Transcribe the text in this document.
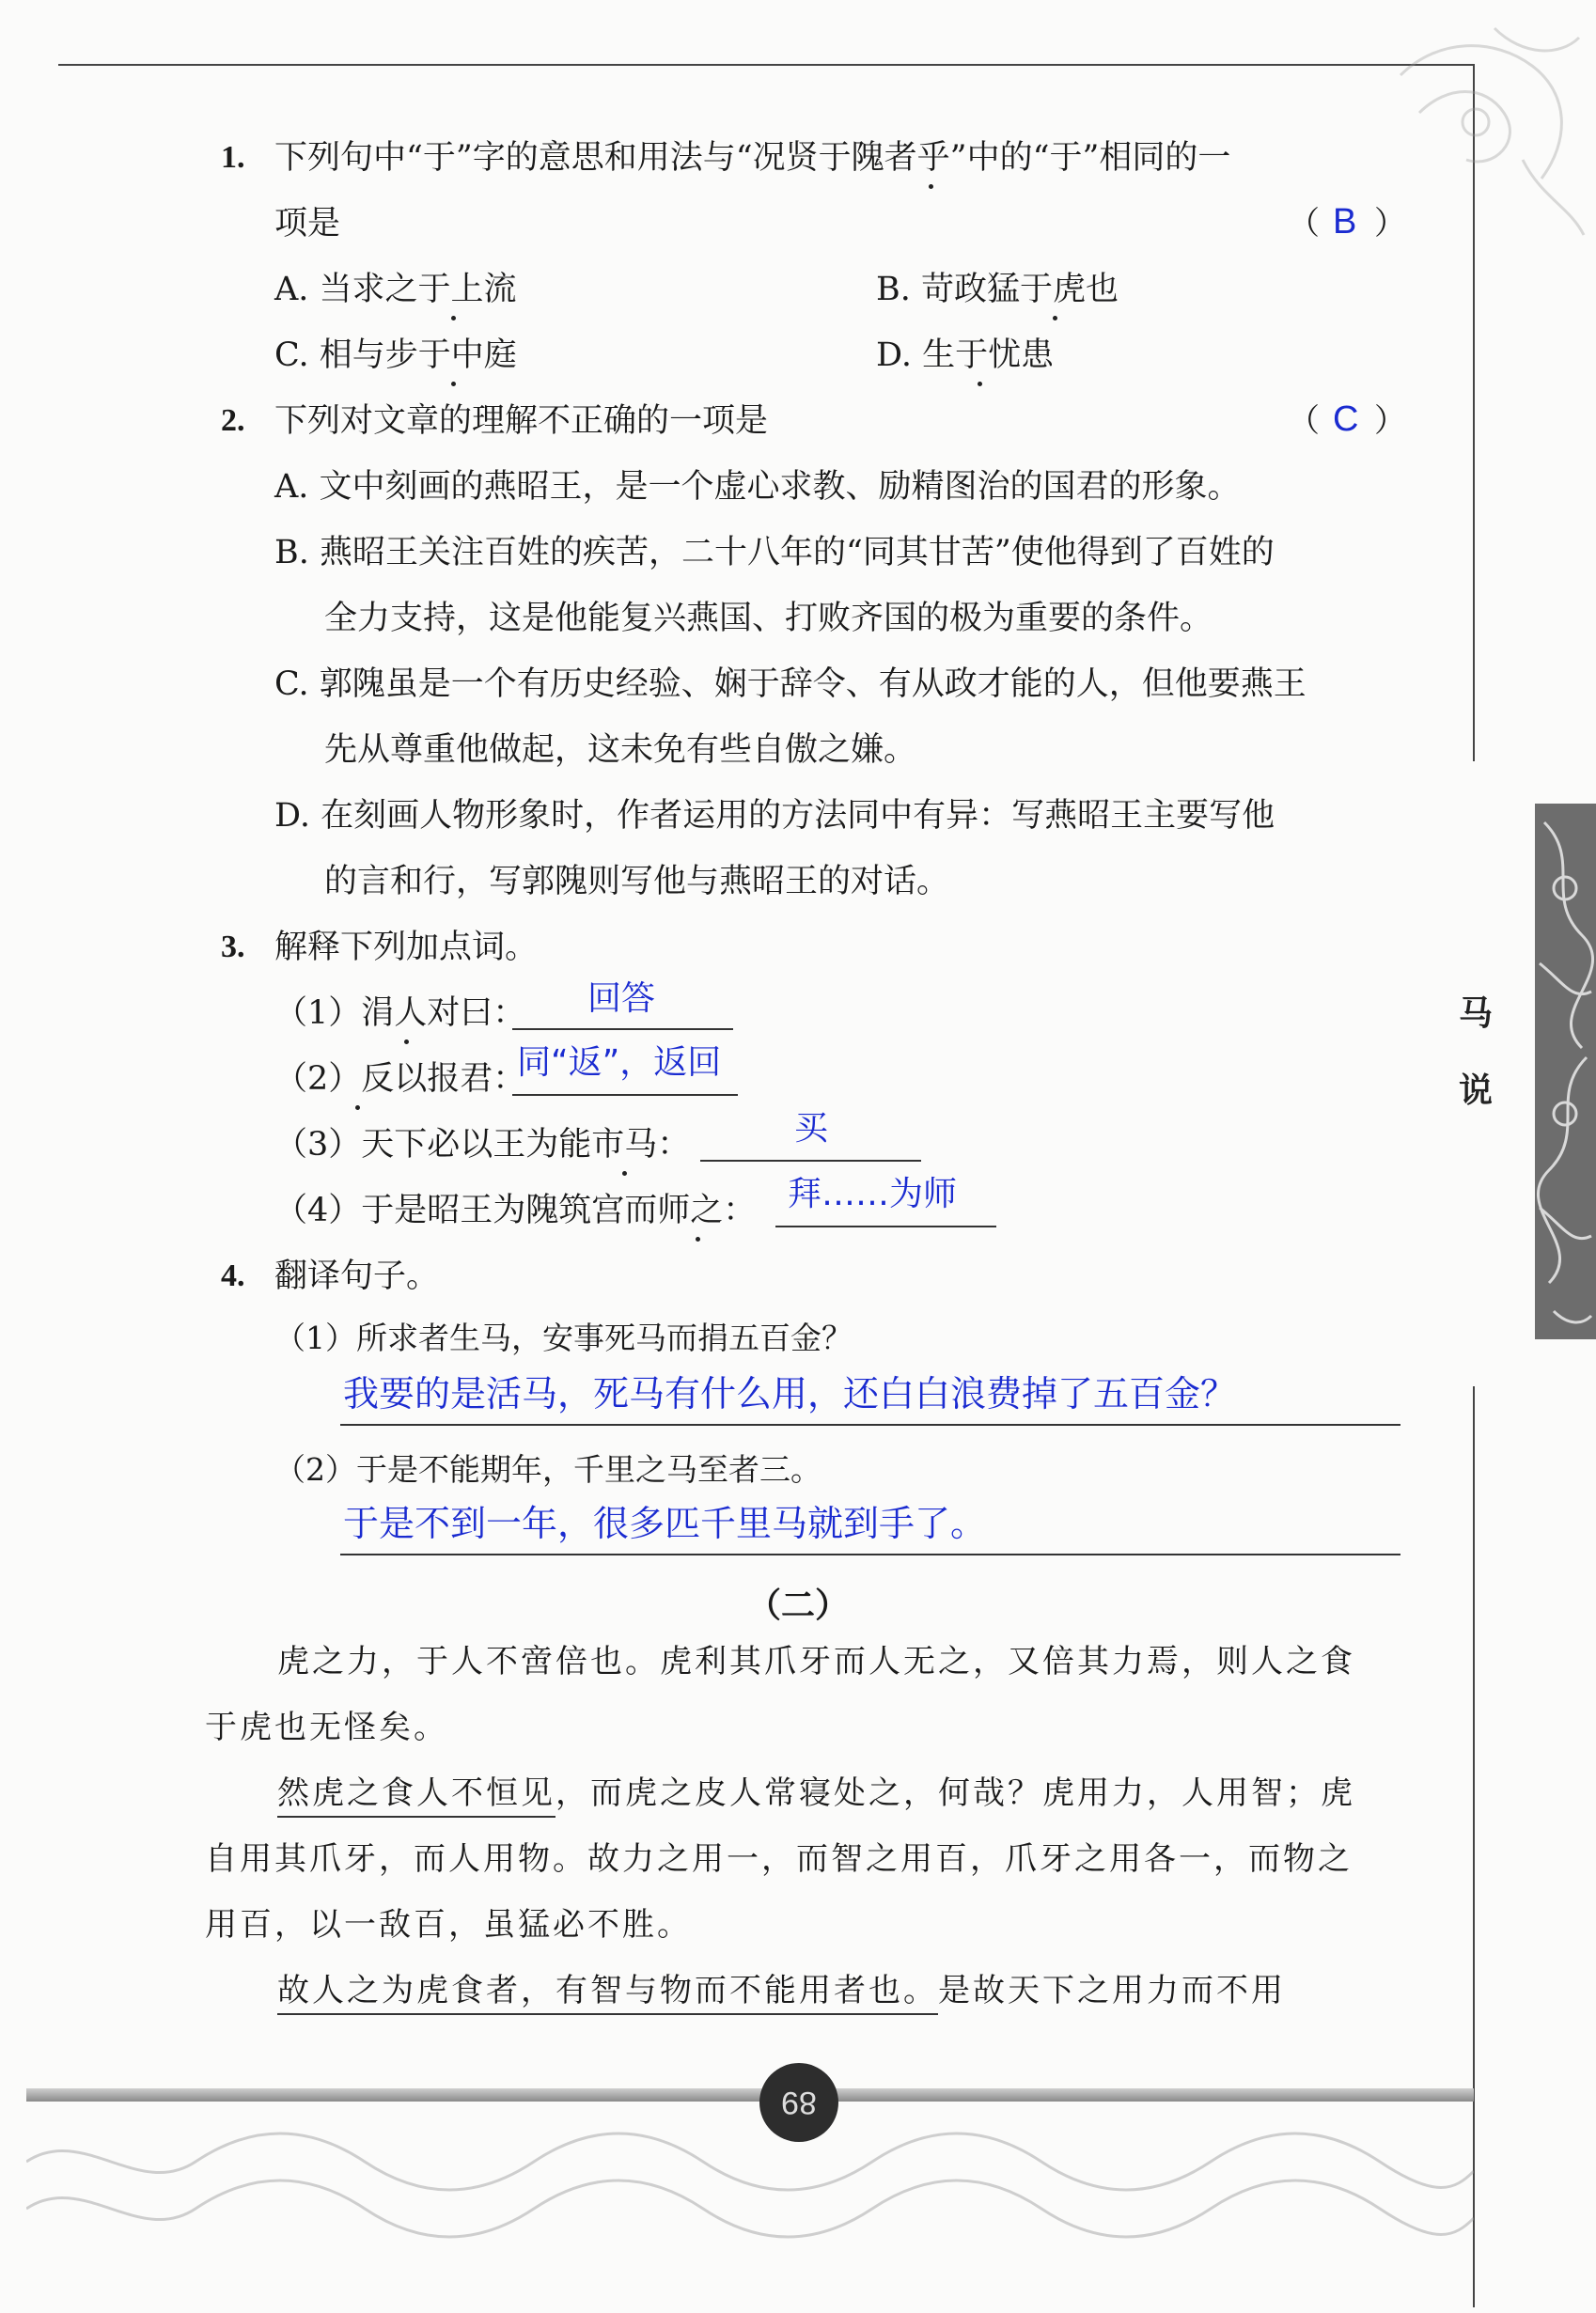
马
说
1. 下列句中“于”字的意思和用法与“况贤于隗者乎”中的“于”相同的一
项是	（ B ）
A. 当求之于上流	B. 苛政猛于虎也
C. 相与步于中庭	D. 生于忧患
2. 下列对文章的理解不正确的一项是	（ C ）
A. 文中刻画的燕昭王，是一个虚心求教、励精图治的国君的形象。
B. 燕昭王关注百姓的疾苦，二十八年的“同其甘苦”使他得到了百姓的
全力支持，这是他能复兴燕国、打败齐国的极为重要的条件。
C. 郭隗虽是一个有历史经验、娴于辞令、有从政才能的人，但他要燕王
先从尊重他做起，这未免有些自傲之嫌。
D. 在刻画人物形象时，作者运用的方法同中有异：写燕昭王主要写他
的言和行，写郭隗则写他与燕昭王的对话。
3. 解释下列加点词。
（1）涓人对曰： 回答
（2）反以报君：
同“返”，返回
（3）天下必以王为能市马：	买
（4）于是昭王为隗筑宫而师之： 拜……为师
4. 翻译句子。
（1）所求者生马，安事死马而捐五百金？
我要的是活马，死马有什么用，还白白浪费掉了五百金？
（2）于是不能期年，千里之马至者三。
于是不到一年，很多匹千里马就到手了。
（二）
虎之力，于人不啻倍也。虎利其爪牙而人无之，又倍其力焉，则人之食
于虎也无怪矣。
然虎之食人不恒见，而虎之皮人常寝处之，何哉？虎用力，人用智；虎
自用其爪牙，而人用物。故力之用一，而智之用百，爪牙之用各一，而物之
用百，以一敌百，虽猛必不胜。
故人之为虎食者，有智与物而不能用者也。是故天下之用力而不用
89
